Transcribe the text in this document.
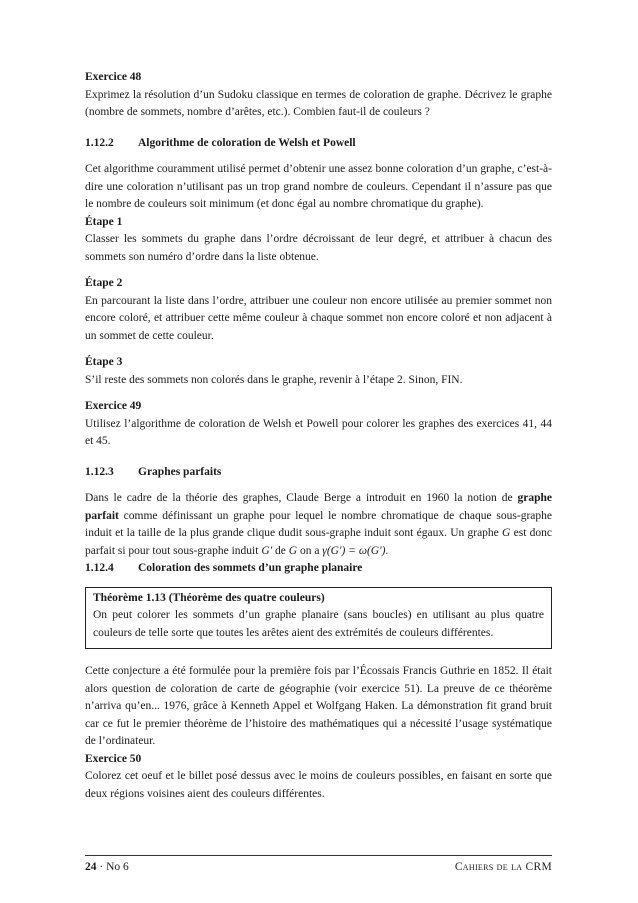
Exercice 48

Exprimez la résolution d’un Sudoku classique en termes de coloration de graphe. Décrivez le graphe (nombre de sommets, nombre d’arêtes, etc.). Combien faut-il de couleurs ?

1.12.2 Algorithme de coloration de Welsh et Powell

Cet algorithme couramment utilisé permet d’obtenir une assez bonne coloration d’un graphe, c’est-à-dire une coloration n’utilisant pas un trop grand nombre de couleurs. Cependant il n’assure pas que le nombre de couleurs soit minimum (et donc égal au nombre chromatique du graphe).

Étape 1

Classer les sommets du graphe dans l’ordre décroissant de leur degré, et attribuer à chacun des sommets son numéro d’ordre dans la liste obtenue.

Étape 2

En parcourant la liste dans l’ordre, attribuer une couleur non encore utilisée au premier sommet non encore coloré, et attribuer cette même couleur à chaque sommet non encore coloré et non adjacent à un sommet de cette couleur.

Étape 3

S’il reste des sommets non colorés dans le graphe, revenir à l’étape 2. Sinon, FIN.

Exercice 49

Utilisez l’algorithme de coloration de Welsh et Powell pour colorer les graphes des exercices 41, 44 et 45.

1.12.3 Graphes parfaits

Dans le cadre de la théorie des graphes, Claude Berge a introduit en 1960 la notion de graphe parfait comme définissant un graphe pour lequel le nombre chromatique de chaque sous-graphe induit et la taille de la plus grande clique dudit sous-graphe induit sont égaux. Un graphe G est donc parfait si pour tout sous-graphe induit G′ de G on a γ(G′) = ω(G′).

1.12.4 Coloration des sommets d’un graphe planaire
Théorème 1.13 (Théorème des quatre couleurs)

On peut colorer les sommets d’un graphe planaire (sans boucles) en utilisant au plus quatre couleurs de telle sorte que toutes les arêtes aient des extrémités de couleurs différentes.

Cette conjecture a été formulée pour la première fois par l’Écossais Francis Guthrie en 1852. Il était alors question de coloration de carte de géographie (voir exercice 51). La preuve de ce théorème n’arriva qu’en... 1976, grâce à Kenneth Appel et Wolfgang Haken. La démonstration fit grand bruit car ce fut le premier théorème de l’histoire des mathématiques qui a nécessité l’usage systématique de l’ordinateur.

Exercice 50

Colorez cet oeuf et le billet posé dessus avec le moins de couleurs possibles, en faisant en sorte que deux régions voisines aient des couleurs différentes.

24 · No 6	Cahiers de la CRM
